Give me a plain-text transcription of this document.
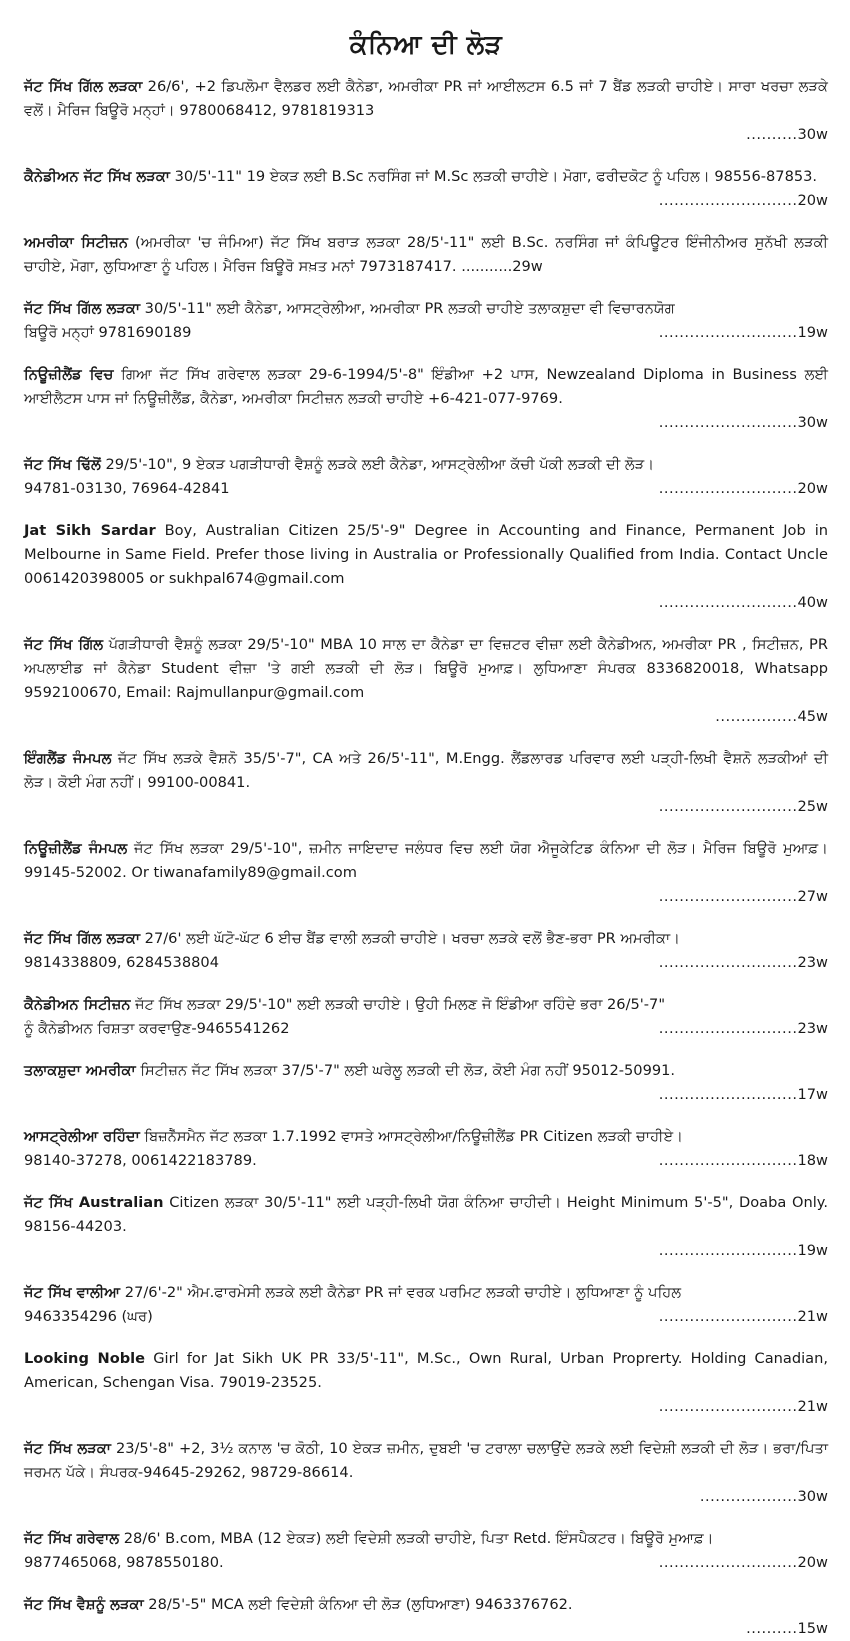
ਕੰਨਿਆ ਦੀ ਲੋੜ
ਜੱਟ ਸਿੱਖ ਗਿੱਲ ਲੜਕਾ 26/6', +2 ਡਿਪਲੋਮਾ ਵੈਲਡਰ ਲਈ ਕੈਨੇਡਾ, ਅਮਰੀਕਾ PR ਜਾਂ ਆਈਲਟਸ 6.5 ਜਾਂ 7 ਬੈਂਡ ਲੜਕੀ ਚਾਹੀਏ। ਸਾਰਾ ਖਰਚਾ ਲੜਕੇ ਵਲੋਂ। ਮੈਰਿਜ ਬਿਊਰੋ ਮਨ੍ਹਾਂ। 9780068412, 9781819313
..........30w
ਕੈਨੇਡੀਅਨ ਜੱਟ ਸਿੱਖ ਲੜਕਾ 30/5'-11" 19 ਏਕੜ ਲਈ B.Sc ਨਰਸਿੰਗ ਜਾਂ M.Sc ਲੜਕੀ ਚਾਹੀਏ। ਮੋਗਾ, ਫਰੀਦਕੋਟ ਨੂੰ ਪਹਿਲ। 98556-87853.
...........................20w
ਅਮਰੀਕਾ ਸਿਟੀਜ਼ਨ (ਅਮਰੀਕਾ 'ਚ ਜੰਮਿਆ) ਜੱਟ ਸਿੱਖ ਬਰਾੜ ਲੜਕਾ 28/5'-11" ਲਈ B.Sc. ਨਰਸਿੰਗ ਜਾਂ ਕੰਪਿਊਟਰ ਇੰਜੀਨੀਅਰ ਸੁਨੱਖੀ ਲੜਕੀ ਚਾਹੀਏ, ਮੋਗਾ, ਲੁਧਿਆਣਾ ਨੂੰ ਪਹਿਲ। ਮੈਰਿਜ ਬਿਊਰੋ ਸਖ਼ਤ ਮਨਾਂ 7973187417. ...........29w
ਜੱਟ ਸਿੱਖ ਗਿੱਲ ਲੜਕਾ 30/5'-11" ਲਈ ਕੈਨੇਡਾ, ਆਸਟ੍ਰੇਲੀਆ, ਅਮਰੀਕਾ PR ਲੜਕੀ ਚਾਹੀਏ ਤਲਾਕਸ਼ੁਦਾ ਵੀ ਵਿਚਾਰਨਯੋਗ
ਬਿਊਰੋ ਮਨ੍ਹਾਂ 9781690189	...........................19w
ਨਿਊਜ਼ੀਲੈਂਡ ਵਿਚ ਗਿਆ ਜੱਟ ਸਿੱਖ ਗਰੇਵਾਲ ਲੜਕਾ 29-6-1994/5'-8" ਇੰਡੀਆ +2 ਪਾਸ, Newzealand Diploma in Business ਲਈ ਆਈਲੈਟਸ ਪਾਸ ਜਾਂ ਨਿਊਜ਼ੀਲੈਂਡ, ਕੈਨੇਡਾ, ਅਮਰੀਕਾ ਸਿਟੀਜ਼ਨ ਲੜਕੀ ਚਾਹੀਏ +6-421-077-9769.
...........................30w
ਜੱਟ ਸਿੱਖ ਢਿੱਲੋਂ 29/5'-10", 9 ਏਕੜ ਪਗੜੀਧਾਰੀ ਵੈਸ਼ਨੂੰ ਲੜਕੇ ਲਈ ਕੈਨੇਡਾ, ਆਸਟ੍ਰੇਲੀਆ ਕੱਚੀ ਪੱਕੀ ਲੜਕੀ ਦੀ ਲੋੜ।
94781-03130, 76964-42841	...........................20w
Jat Sikh Sardar Boy, Australian Citizen 25/5'-9" Degree in Accounting and Finance, Permanent Job in Melbourne in Same Field. Prefer those living in Australia or Professionally Qualified from India. Contact Uncle 0061420398005 or sukhpal674@gmail.com
...........................40w
ਜੱਟ ਸਿੱਖ ਗਿੱਲ ਪੱਗੜੀਧਾਰੀ ਵੈਸ਼ਨੂੰ ਲੜਕਾ 29/5'-10" MBA 10 ਸਾਲ ਦਾ ਕੈਨੇਡਾ ਦਾ ਵਿਜ਼ਟਰ ਵੀਜ਼ਾ ਲਈ ਕੈਨੇਡੀਅਨ, ਅਮਰੀਕਾ PR , ਸਿਟੀਜ਼ਨ, PR ਅਪਲਾਈਡ ਜਾਂ ਕੈਨੇਡਾ Student ਵੀਜ਼ਾ 'ਤੇ ਗਈ ਲੜਕੀ ਦੀ ਲੋੜ। ਬਿਊਰੋ ਮੁਆਫ਼। ਲੁਧਿਆਣਾ ਸੰਪਰਕ 8336820018, Whatsapp 9592100670, Email: Rajmullanpur@gmail.com
................45w
ਇੰਗਲੈਂਡ ਜੰਮਪਲ ਜੱਟ ਸਿੱਖ ਲੜਕੇ ਵੈਸ਼ਨੋ 35/5'-7", CA ਅਤੇ 26/5'-11", M.Engg. ਲੈਂਡਲਾਰਡ ਪਰਿਵਾਰ ਲਈ ਪੜ੍ਹੀ-ਲਿਖੀ ਵੈਸ਼ਨੋ ਲੜਕੀਆਂ ਦੀ ਲੋੜ। ਕੋਈ ਮੰਗ ਨਹੀਂ। 99100-00841.
...........................25w
ਨਿਊਜ਼ੀਲੈਂਡ ਜੰਮਪਲ ਜੱਟ ਸਿੱਖ ਲੜਕਾ 29/5'-10", ਜ਼ਮੀਨ ਜਾਇਦਾਦ ਜਲੰਧਰ ਵਿਚ ਲਈ ਯੋਗ ਐਜੂਕੇਟਿਡ ਕੰਨਿਆ ਦੀ ਲੋੜ। ਮੈਰਿਜ ਬਿਊਰੋ ਮੁਆਫ਼। 99145-52002. Or tiwanafamily89@gmail.com
...........................27w
ਜੱਟ ਸਿੱਖ ਗਿੱਲ ਲੜਕਾ 27/6' ਲਈ ਘੱਟੋ-ਘੱਟ 6 ਈਚ ਬੈਂਡ ਵਾਲੀ ਲੜਕੀ ਚਾਹੀਏ। ਖਰਚਾ ਲੜਕੇ ਵਲੋਂ ਭੈਣ-ਭਰਾ PR ਅਮਰੀਕਾ।
9814338809, 6284538804	...........................23w
ਕੈਨੇਡੀਅਨ ਸਿਟੀਜ਼ਨ ਜੱਟ ਸਿੱਖ ਲੜਕਾ 29/5'-10" ਲਈ ਲੜਕੀ ਚਾਹੀਏ। ਉਹੀ ਮਿਲਣ ਜੋ ਇੰਡੀਆ ਰਹਿੰਦੇ ਭਰਾ 26/5'-7"
ਨੂੰ ਕੈਨੇਡੀਅਨ ਰਿਸ਼ਤਾ ਕਰਵਾਉਣ-9465541262	...........................23w
ਤਲਾਕਸ਼ੁਦਾ ਅਮਰੀਕਾ ਸਿਟੀਜ਼ਨ ਜੱਟ ਸਿੱਖ ਲੜਕਾ 37/5'-7" ਲਈ ਘਰੇਲੂ ਲੜਕੀ ਦੀ ਲੋੜ, ਕੋਈ ਮੰਗ ਨਹੀਂ 95012-50991.
...........................17w
ਆਸਟ੍ਰੇਲੀਆ ਰਹਿੰਦਾ ਬਿਜ਼ਨੈੱਸਮੈਨ ਜੱਟ ਲੜਕਾ 1.7.1992 ਵਾਸਤੇ ਆਸਟ੍ਰੇਲੀਆ/ਨਿਊਜ਼ੀਲੈਂਡ PR Citizen ਲੜਕੀ ਚਾਹੀਏ।
98140-37278, 0061422183789.	...........................18w
ਜੱਟ ਸਿੱਖ Australian Citizen ਲੜਕਾ 30/5'-11" ਲਈ ਪੜ੍ਹੀ-ਲਿਖੀ ਯੋਗ ਕੰਨਿਆ ਚਾਹੀਦੀ। Height Minimum 5'-5", Doaba Only. 98156-44203.
...........................19w
ਜੱਟ ਸਿੱਖ ਵਾਲੀਆ 27/6'-2" ਐਮ.ਫਾਰਮੇਸੀ ਲੜਕੇ ਲਈ ਕੈਨੇਡਾ PR ਜਾਂ ਵਰਕ ਪਰਮਿਟ ਲੜਕੀ ਚਾਹੀਏ। ਲੁਧਿਆਣਾ ਨੂੰ ਪਹਿਲ
9463354296 (ਘਰ)	...........................21w
Looking Noble Girl for Jat Sikh UK PR 33/5'-11", M.Sc., Own Rural, Urban Proprerty. Holding Canadian, American, Schengan Visa. 79019-23525.
...........................21w
ਜੱਟ ਸਿੱਖ ਲੜਕਾ 23/5'-8" +2, 3½ ਕਨਾਲ 'ਚ ਕੋਠੀ, 10 ਏਕੜ ਜ਼ਮੀਨ, ਦੁਬਈ 'ਚ ਟਰਾਲਾ ਚਲਾਉਂਦੇ ਲੜਕੇ ਲਈ ਵਿਦੇਸ਼ੀ ਲੜਕੀ ਦੀ ਲੋੜ। ਭਰਾ/ਪਿਤਾ ਜਰਮਨ ਪੱਕੇ। ਸੰਪਰਕ-94645-29262, 98729-86614.
...................30w
ਜੱਟ ਸਿੱਖ ਗਰੇਵਾਲ 28/6' B.com, MBA (12 ਏਕੜ) ਲਈ ਵਿਦੇਸ਼ੀ ਲੜਕੀ ਚਾਹੀਏ, ਪਿਤਾ Retd. ਇੰਸਪੈਕਟਰ। ਬਿਊਰੋ ਮੁਆਫ਼।
9877465068, 9878550180.	...........................20w
ਜੱਟ ਸਿੱਖ ਵੈਸ਼ਨੂੰ ਲੜਕਾ 28/5'-5" MCA ਲਈ ਵਿਦੇਸ਼ੀ ਕੰਨਿਆ ਦੀ ਲੋੜ (ਲੁਧਿਆਣਾ) 9463376762.
..........15w
